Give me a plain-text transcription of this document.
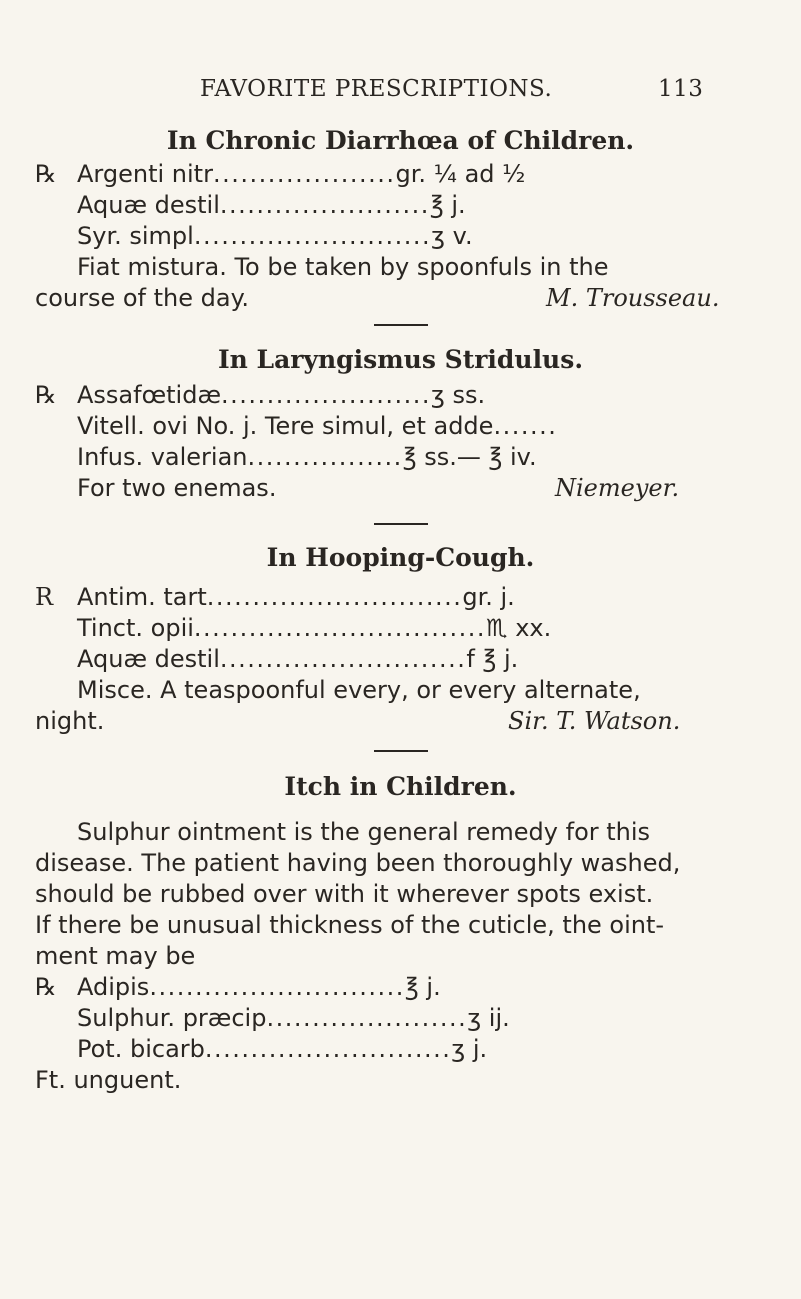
FAVORITE PRESCRIPTIONS.	113
In Chronic Diarrhœa of Children.
℞ Argenti nitr....................gr. ¼ ad ½
Aquæ destil.......................℥ j.
Syr. simpl..........................ʒ v.
Fiat mistura. To be taken by spoonfuls in the
course of the day.	M. Trousseau.
In Laryngismus Stridulus.
℞ Assafœtidæ.......................ʒ ss.
Vitell. ovi No. j. Tere simul, et adde.......
Infus. valerian.................℥ ss.— ℥ iv.
For two enemas.	Niemeyer.
In Hooping-Cough.
R Antim. tart............................gr. j.
Tinct. opii................................♏ xx.
Aquæ destil...........................f ℥ j.
Misce. A teaspoonful every, or every alternate,
night.	Sir. T. Watson.
Itch in Children.
Sulphur ointment is the general remedy for this
disease. The patient having been thoroughly washed,
should be rubbed over with it wherever spots exist.
If there be unusual thickness of the cuticle, the oint-
ment may be
℞ Adipis............................℥ j.
Sulphur. præcip......................ʒ ij.
Pot. bicarb...........................ʒ j.
Ft. unguent.
